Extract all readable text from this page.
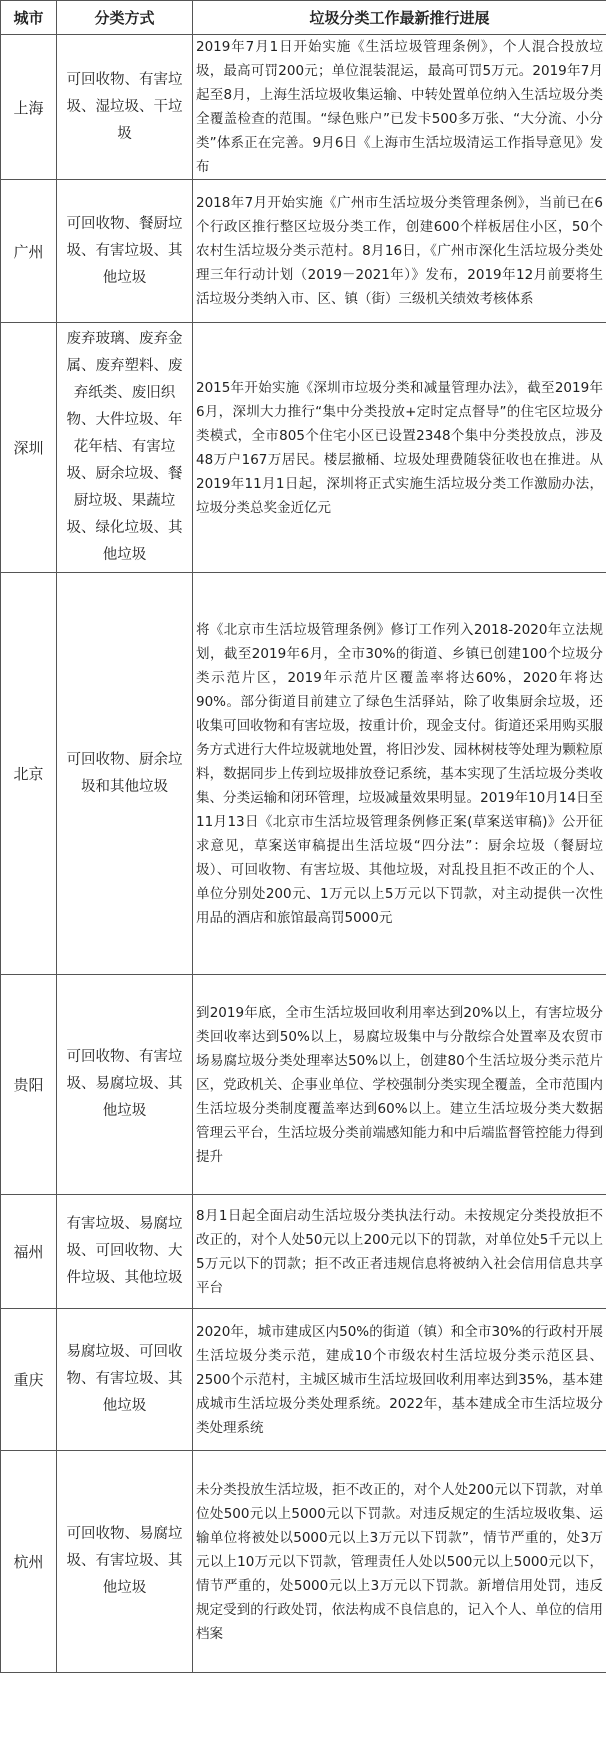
城市	分类方式	垃圾分类工作最新推行进展
上海	可回收物、有害垃圾、湿垃圾、干垃圾	2019年7月1日开始实施《生活垃圾管理条例》，个人混合投放垃圾，最高可罚200元；单位混装混运，最高可罚5万元。2019年7月起至8月，上海生活垃圾收集运输、中转处置单位纳入生活垃圾分类全覆盖检查的范围。“绿色账户”已发卡500多万张、“大分流、小分类”体系正在完善。9月6日《上海市生活垃圾清运工作指导意见》发布
广州	可回收物、餐厨垃圾、有害垃圾、其他垃圾	2018年7月开始实施《广州市生活垃圾分类管理条例》，当前已在6个行政区推行整区垃圾分类工作，创建600个样板居住小区，50个农村生活垃圾分类示范村。8月16日，《广州市深化生活垃圾分类处理三年行动计划（2019－2021年）》发布，2019年12月前要将生活垃圾分类纳入市、区、镇（街）三级机关绩效考核体系
深圳	废弃玻璃、废弃金属、废弃塑料、废弃纸类、废旧织物、大件垃圾、年花年桔、有害垃圾、厨余垃圾、餐厨垃圾、果蔬垃圾、绿化垃圾、其他垃圾	2015年开始实施《深圳市垃圾分类和减量管理办法》，截至2019年6月，深圳大力推行“集中分类投放+定时定点督导”的住宅区垃圾分类模式，全市805个住宅小区已设置2348个集中分类投放点，涉及48万户167万居民。楼层撤桶、垃圾处理费随袋征收也在推进。从2019年11月1日起，深圳将正式实施生活垃圾分类工作激励办法，垃圾分类总奖金近亿元
北京	可回收物、厨余垃圾和其他垃圾	将《北京市生活垃圾管理条例》修订工作列入2018-2020年立法规划，截至2019年6月，全市30%的街道、乡镇已创建100个垃圾分类示范片区，2019年示范片区覆盖率将达60%，2020年将达90%。部分街道目前建立了绿色生活驿站，除了收集厨余垃圾，还收集可回收物和有害垃圾，按重计价，现金支付。街道还采用购买服务方式进行大件垃圾就地处置，将旧沙发、园林树枝等处理为颗粒原料，数据同步上传到垃圾排放登记系统，基本实现了生活垃圾分类收集、分类运输和闭环管理，垃圾减量效果明显。2019年10月14日至11月13日《北京市生活垃圾管理条例修正案(草案送审稿)》公开征求意见，草案送审稿提出生活垃圾“四分法”：厨余垃圾（餐厨垃圾）、可回收物、有害垃圾、其他垃圾，对乱投且拒不改正的个人、单位分别处200元、1万元以上5万元以下罚款，对主动提供一次性用品的酒店和旅馆最高罚5000元
贵阳	可回收物、有害垃圾、易腐垃圾、其他垃圾	到2019年底，全市生活垃圾回收利用率达到20%以上，有害垃圾分类回收率达到50%以上，易腐垃圾集中与分散综合处置率及农贸市场易腐垃圾分类处理率达50%以上，创建80个生活垃圾分类示范片区，党政机关、企事业单位、学校强制分类实现全覆盖，全市范围内生活垃圾分类制度覆盖率达到60%以上。建立生活垃圾分类大数据管理云平台，生活垃圾分类前端感知能力和中后端监督管控能力得到提升
福州	有害垃圾、易腐垃圾、可回收物、大件垃圾、其他垃圾	8月1日起全面启动生活垃圾分类执法行动。未按规定分类投放拒不改正的，对个人处50元以上200元以下的罚款，对单位处5千元以上5万元以下的罚款；拒不改正者违规信息将被纳入社会信用信息共享平台
重庆	易腐垃圾、可回收物、有害垃圾、其他垃圾	2020年，城市建成区内50%的街道（镇）和全市30%的行政村开展生活垃圾分类示范，建成10个市级农村生活垃圾分类示范区县、2500个示范村，主城区城市生活垃圾回收利用率达到35%，基本建成城市生活垃圾分类处理系统。2022年，基本建成全市生活垃圾分类处理系统
杭州	可回收物、易腐垃圾、有害垃圾、其他垃圾	未分类投放生活垃圾，拒不改正的，对个人处200元以下罚款，对单位处500元以上5000元以下罚款。对违反规定的生活垃圾收集、运输单位将被处以5000元以上3万元以下罚款”，情节严重的，处3万元以上10万元以下罚款，管理责任人处以500元以上5000元以下，情节严重的，处5000元以上3万元以下罚款。新增信用处罚，违反规定受到的行政处罚，依法构成不良信息的，记入个人、单位的信用档案
